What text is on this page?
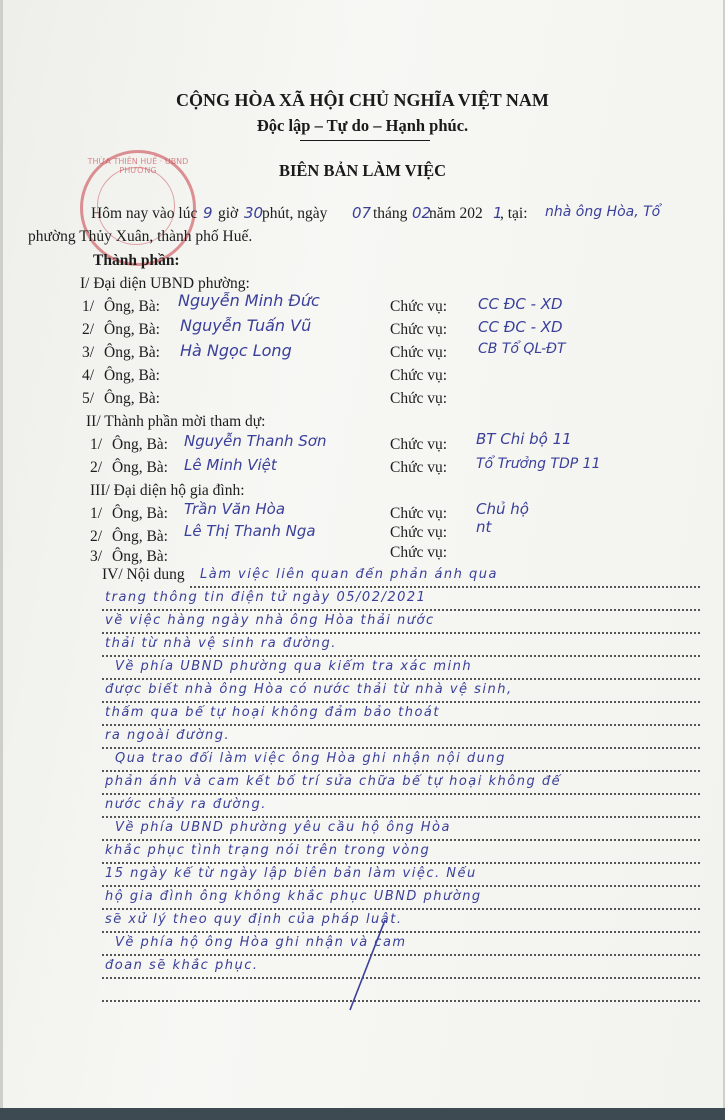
THỪA THIÊN HUẾ · UBND PHƯỜNG
CỘNG HÒA XÃ HỘI CHỦ NGHĨA VIỆT NAM
Độc lập – Tự do – Hạnh phúc.
BIÊN BẢN LÀM VIỆC
Hôm nay vào lúc 9 giờ 30
phút, ngày 07 tháng 02
năm 202 1
, tại: nhà ông Hòa, Tổ
phường Thủy Xuân, thành phố Huế.
Thành phần:
I/ Đại diện UBND phường:
1/ Ông, Bà: Nguyễn Minh Đức	Chức vụ: CC ĐC - XD
2/ Ông, Bà: Nguyễn Tuấn Vũ	Chức vụ: CC ĐC - XD
3/ Ông, Bà: Hà Ngọc Long	Chức vụ: CB Tổ QL-ĐT
4/ Ông, Bà:	Chức vụ:
5/ Ông, Bà:	Chức vụ:
II/ Thành phần mời tham dự:
1/ Ông, Bà: Nguyễn Thanh Sơn	Chức vụ: BT Chi bộ 11
2/ Ông, Bà: Lê Minh Việt	Chức vụ: Tổ Trưởng TDP 11
III/ Đại diện hộ gia đình:
1/ Ông, Bà: Trần Văn Hòa	Chức vụ: Chủ hộ
2/ Ông, Bà: Lê Thị Thanh Nga	Chức vụ: nt
3/ Ông, Bà:	Chức vụ:
IV/ Nội dung Làm việc liên quan đến phản ánh qua
trang thông tin điện tử ngày 05/02/2021
về việc hàng ngày nhà ông Hòa thải nước
thải từ nhà vệ sinh ra đường.
Về phía UBND phường qua kiểm tra xác minh
được biết nhà ông Hòa có nước thải từ nhà vệ sinh,
thấm qua bể tự hoại không đảm bảo thoát
ra ngoài đường.
Qua trao đổi làm việc ông Hòa ghi nhận nội dung
phản ánh và cam kết bố trí sửa chữa bể tự hoại không để
nước chảy ra đường.
Về phía UBND phường yêu cầu hộ ông Hòa
khắc phục tình trạng nói trên trong vòng
15 ngày kể từ ngày lập biên bản làm việc. Nếu
hộ gia đình ông không khắc phục UBND phường
sẽ xử lý theo quy định của pháp luật.
Về phía hộ ông Hòa ghi nhận và cam
đoan sẽ khắc phục.
